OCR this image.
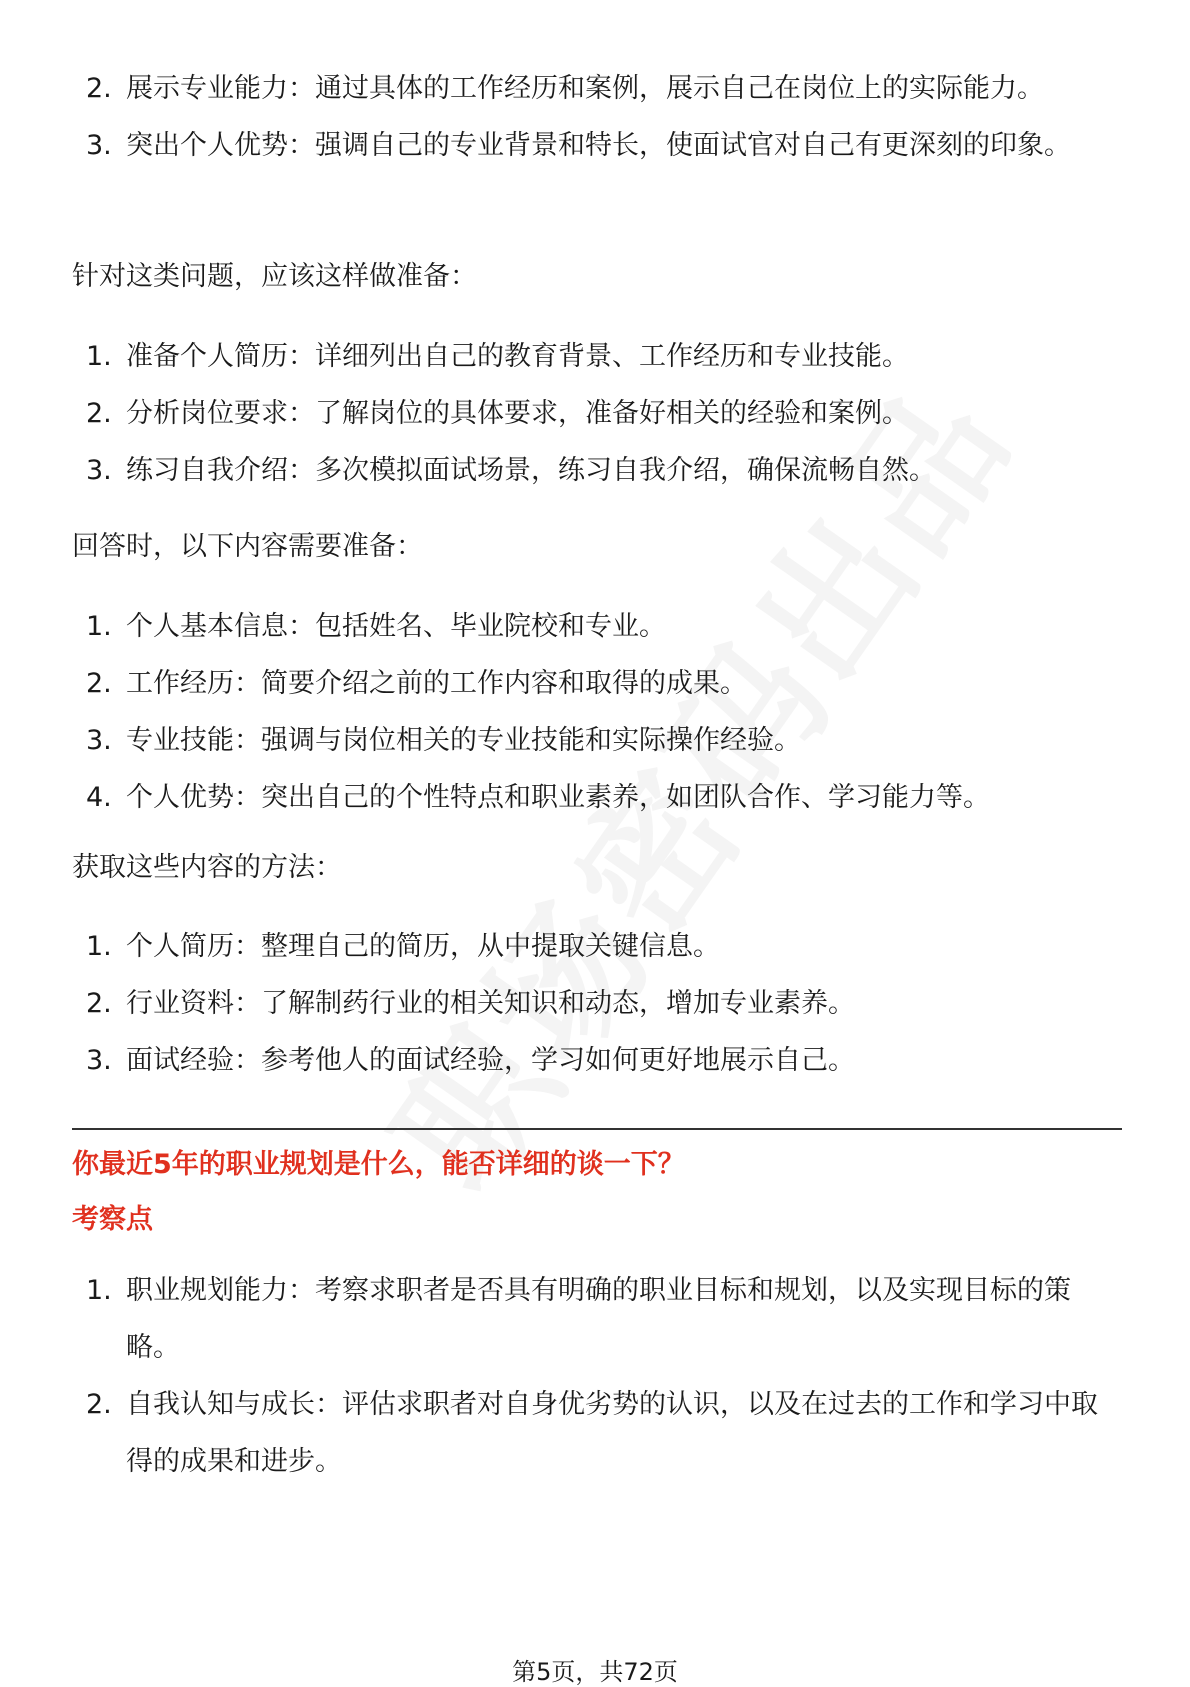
2. 展示专业能力：通过具体的工作经历和案例，展示自己在岗位上的实际能力。
3. 突出个人优势：强调自己的专业背景和特长，使面试官对自己有更深刻的印象。
针对这类问题，应该这样做准备：
1. 准备个人简历：详细列出自己的教育背景、工作经历和专业技能。
2. 分析岗位要求：了解岗位的具体要求，准备好相关的经验和案例。
3. 练习自我介绍：多次模拟面试场景，练习自我介绍，确保流畅自然。
回答时，以下内容需要准备：
1. 个人基本信息：包括姓名、毕业院校和专业。
2. 工作经历：简要介绍之前的工作内容和取得的成果。
3. 专业技能：强调与岗位相关的专业技能和实际操作经验。
4. 个人优势：突出自己的个性特点和职业素养，如团队合作、学习能力等。
获取这些内容的方法：
1. 个人简历：整理自己的简历，从中提取关键信息。
2. 行业资料：了解制药行业的相关知识和动态，增加专业素养。
3. 面试经验：参考他人的面试经验，学习如何更好地展示自己。
你最近5年的职业规划是什么，能否详细的谈一下？
考察点
1. 职业规划能力：考察求职者是否具有明确的职业目标和规划，以及实现目标的策略。
2. 自我认知与成长：评估求职者对自身优劣势的认识，以及在过去的工作和学习中取得的成果和进步。
第5页，共72页
